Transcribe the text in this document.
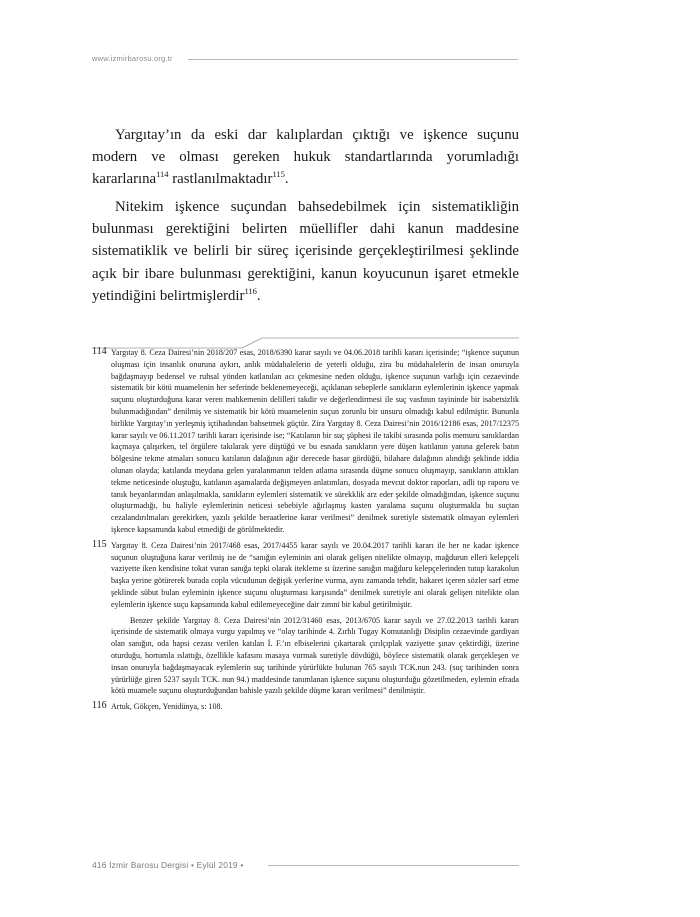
www.izmirbarosu.org.tr
Yargıtay’ın da eski dar kalıplardan çıktığı ve işkence suçunu modern ve olması gereken hukuk standartlarında yorumladığı kararlarına$^{114}$ rastlanılmaktadır$^{115}$.
Nitekim işkence suçundan bahsedebilmek için sistematikliğin bulunması gerektiğini belirten müellifler dahi kanun maddesine sistematiklik ve belirli bir süreç içerisinde gerçekleştirilmesi şeklinde açık bir ibare bulunması gerektiğini, kanun koyucunun işaret etmekle yetindiğini belirtmişlerdir$^{116}$.
114 Yargıtay 8. Ceza Dairesi’nin 2018/207 esas, 2018/6390 karar sayılı ve 04.06.2018 tarihli kararı içerisinde; “işkence suçunun oluşması için insanlık onuruna aykırı, anlık müdahalelerin de yeterli olduğu, zira bu müdahalelerin de insan onuruyla bağdaşmayıp bedensel ve ruhsal yönden katlanılan acı çekmesine neden olduğu, işkence suçunun varlığı için cezaevinde sistematik bir kötü muamelenin her seferinde beklenemeyeceği, açıklanan sebeplerle sanıkların eylemlerinin işkence yapmak suçunu oluşturduğuna karar veren mahkemenin delilleri takdir ve değerlendirmesi ile suç vasfının tayininde bir isabetsizlik bulunmadığından” denilmiş ve sistematik bir kötü muamelenin suçun zorunlu bir unsuru olmadığı kabul edilmiştir. Bununla birlikte Yargıtay’ın yerleşmiş içtihadından bahsetmek güçtür. Zira Yargıtay 8. Ceza Dairesi’nin 2016/12186 esas, 2017/12375 karar sayılı ve 06.11.2017 tarihli kararı içerisinde ise; “Katılanın bir suç şüphesi ile takibi sırasında polis memuru sanıklardan kaçmaya çalışırken, tel örgülere takılarak yere düştüğü ve bu esnada sanıkların yere düşen katılanın yanına gelerek batın bölgesine tekme atmaları sonucu katılanın dalağının ağır derecede hasar gördüğü, bilahare dalağının alındığı şeklinde iddia olunan olayda; katılanda meydana gelen yaralanmanın telden atlama sırasında düşme sonucu oluşmayıp, sanıkların attıkları tekme neticesinde oluştuğu, katılanın aşamalarda değişmeyen anlatımları, dosyada mevcut doktor raporları, adli tıp raporu ve tanık beyanlarından anlaşılmakla, sanıkların eylemleri sistematik ve sürekklik arz eder şekilde olmadığından, işkence suçunu oluşturmadığı, bu haliyle eylemlerinin neticesi sebebiyle ağırlaşmış kasten yaralama suçunu oluşturmakla bu suçtan cezalandırılmaları gerekirken, yazılı şekilde beraatlerine karar verilmesi” denilmek suretiyle sistematik olmayan eylemleri işkence kapsamında kabul etmediği de görülmektedir.
115 Yargıtay 8. Ceza Dairesi’nin 2017/468 esas, 2017/4455 karar sayılı ve 20.04.2017 tarihli kararı ile her ne kadar işkence suçunun oluştuğuna karar verilmiş ise de “sanığın eyleminin ani olarak gelişen nitelikte olmayıp, mağdurun elleri kelepçeli vaziyette iken kendisine tokat vuran sanığa tepki olarak itekleme sı üzerine sanığın mağduru kelepçelerinden tutup karakolun başka yerine götürerek burada copla vücudunun değişik yerlerine vurma, aynı zamanda tehdit, hakaret içeren sözler sarf etme şeklinde sübut bulan eyleminin işkence suçunu oluşturması karşısında” denilmek suretiyle ani olarak gelişen nitelikte olan eylemlerin işkence suçu kapsamında kabul edilemeyeceğine dair zımni bir kabul getirilmiştir.
Benzer şekilde Yargıtay 8. Ceza Dairesi’nin 2012/31460 esas, 2013/6705 karar sayılı ve 27.02.2013 tarihli kararı içerisinde de sistematik olmaya vurgu yapılmış ve “olay tarihinde 4. Zırhlı Tugay Komutanlığı Disiplin cezaevinde gardiyan olan sanığın, oda hapsi cezası verilen katılan İ. F.’ın elbiselerini çıkartarak çırılçıplak vaziyette şınav çektirdiği, üzerine oturduğu, hortumla ıslattığı, özellikle kafasını masaya vurmak suretiyle dövdüğü, böylece sistematik olarak gerçekleşen ve insan onuruyla bağdaşmayacak eylemlerin suç tarihinde yürürlükte bulunan 765 sayılı TCK.nun 243. (suç tarihinden sonra yürürlüğe giren 5237 sayılı TCK. nun 94.) maddesinde tanımlanan işkence suçunu oluşturduğu gözetilmeden, eylemin efrada kötü muamele suçunu oluşturduğundan bahisle yazılı şekilde düşme kararı verilmesi” denilmiştir.
116 Artuk, Gökçen, Yenidünya, s: 108.
416 İzmir Barosu Dergisi • Eylül 2019 •
